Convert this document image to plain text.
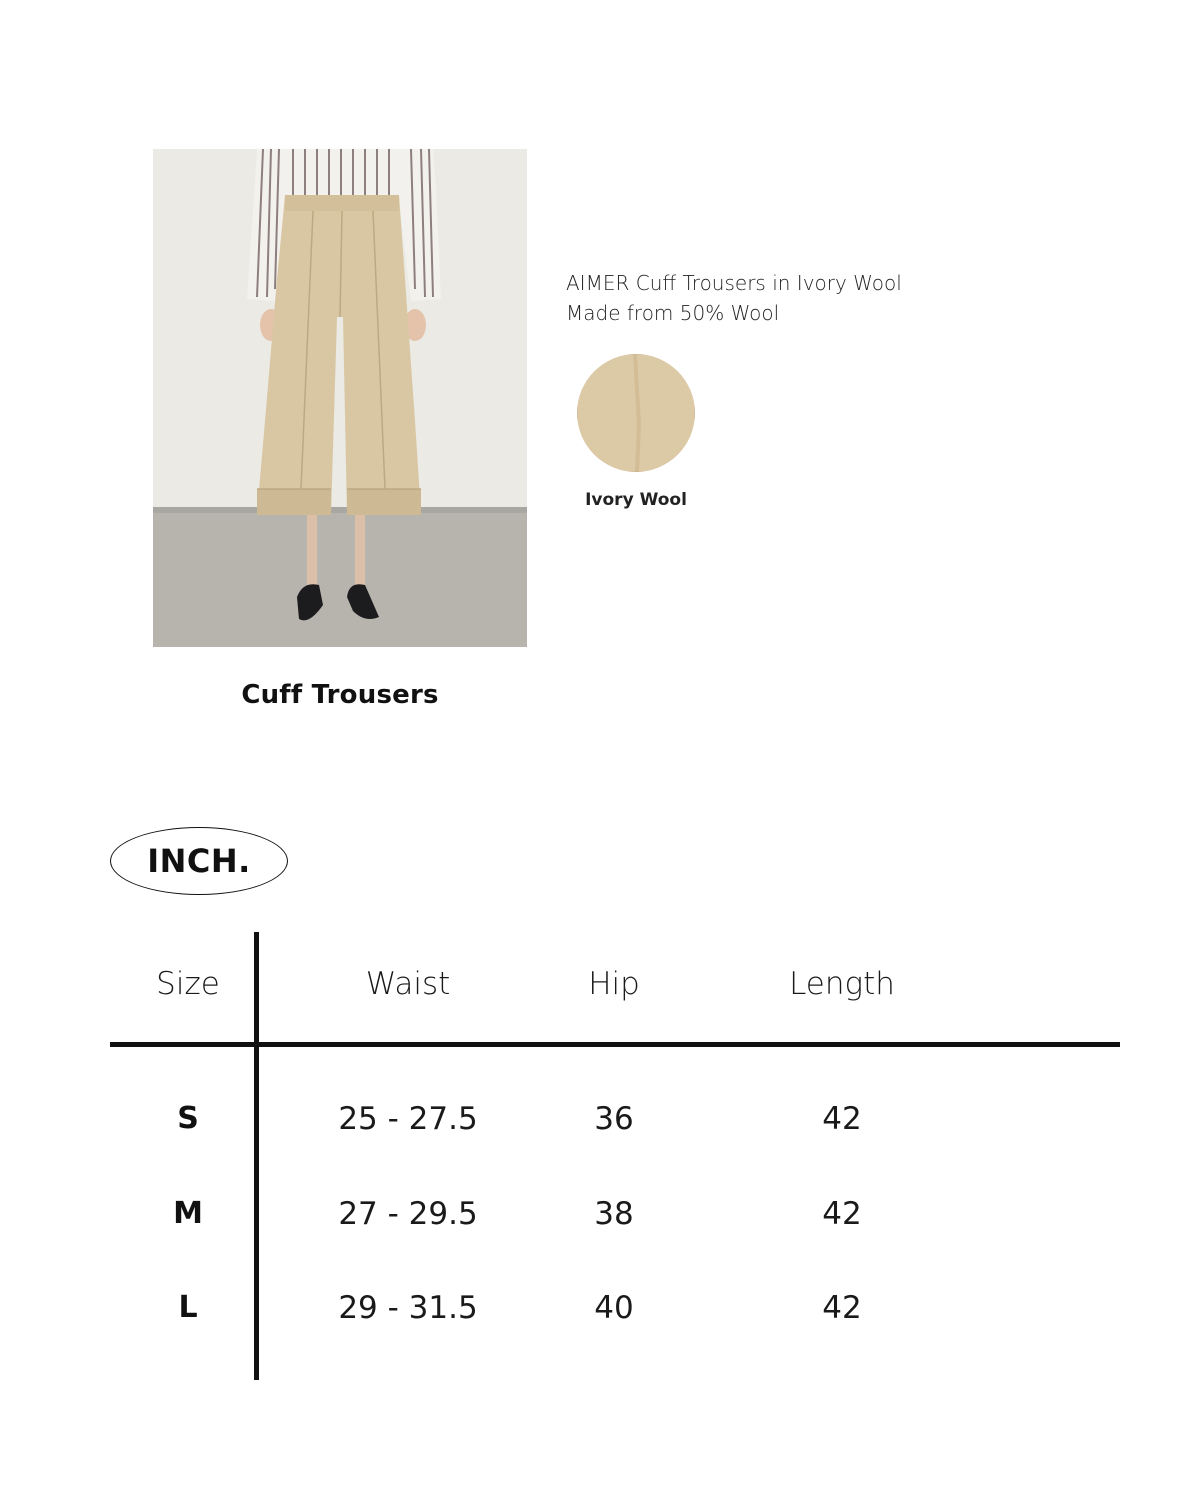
Cuff Trousers
AIMER Cuff Trousers in Ivory Wool
Made from 50% Wool
Ivory Wool
INCH.
Size	Waist	Hip	Length
S	25 - 27.5	36	42
M	27 - 29.5	38	42
L	29 - 31.5	40	42
